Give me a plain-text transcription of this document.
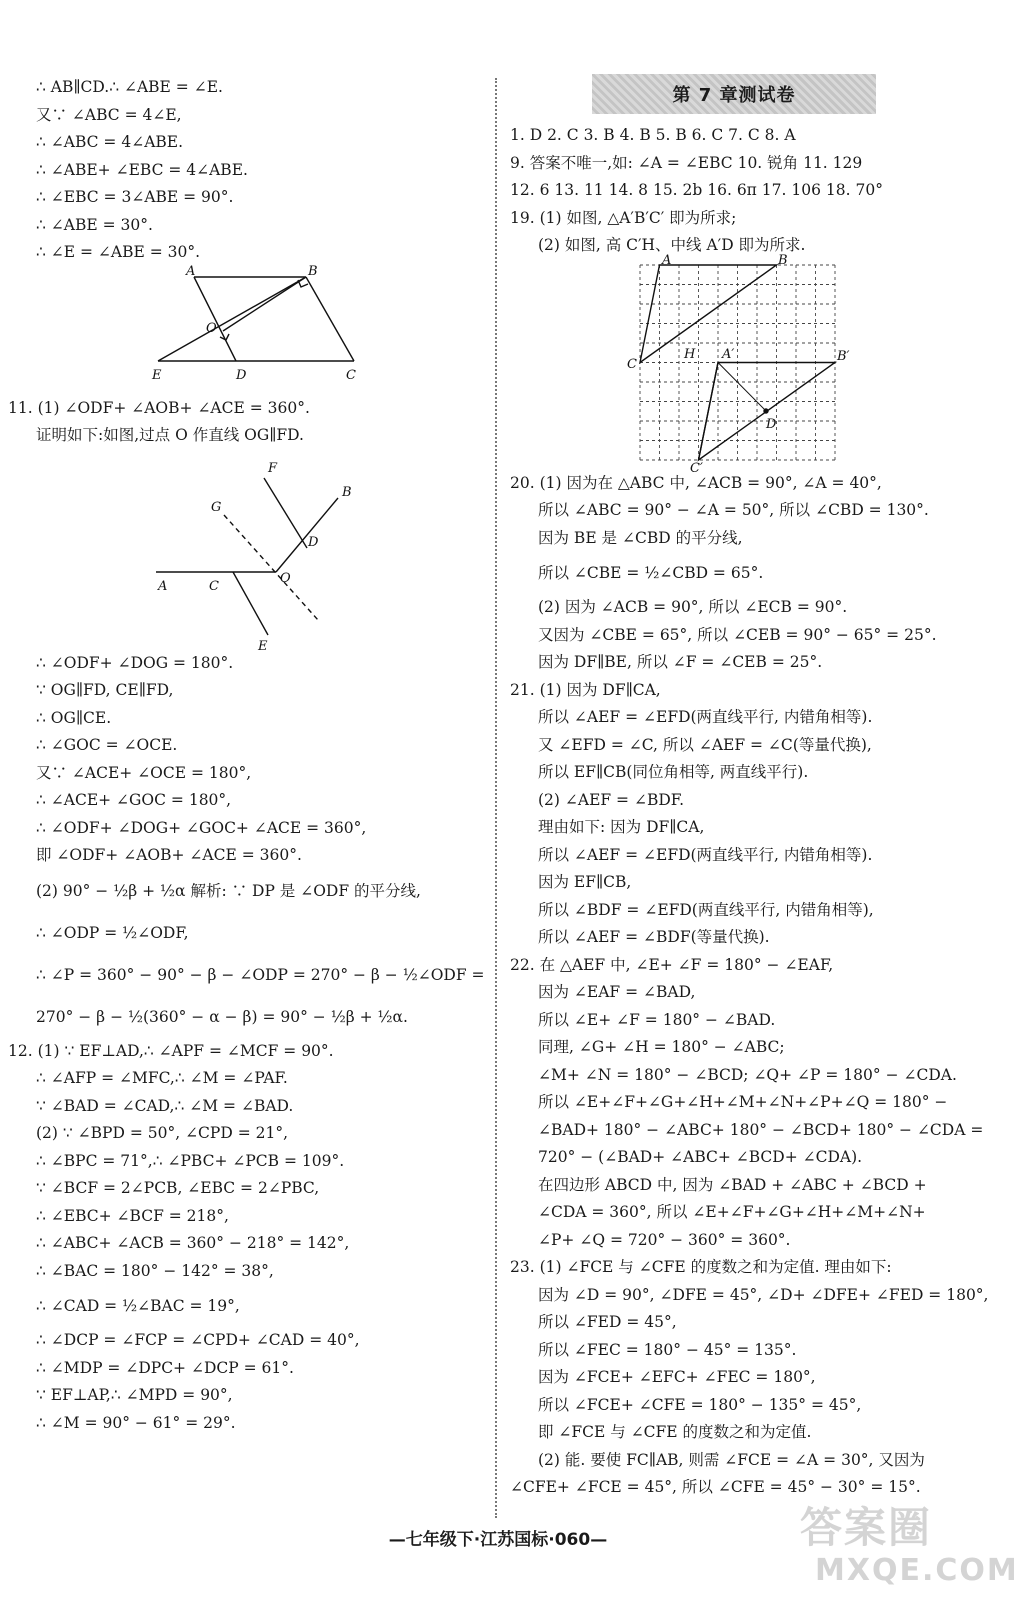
∴ AB∥CD.∴ ∠ABE = ∠E.
又∵ ∠ABC = 4∠E,
∴ ∠ABC = 4∠ABE.
∴ ∠ABE+ ∠EBC = 4∠ABE.
∴ ∠EBC = 3∠ABE = 90°.
∴ ∠ABE = 30°.
∴ ∠E = ∠ABE = 30°.
A	B
O
E	D	C
11. (1) ∠ODF+ ∠AOB+ ∠ACE = 360°.
证明如下:如图,过点 O 作直线 OG∥FD.
F
B
G
D
A	C
O
E
∴ ∠ODF+ ∠DOG = 180°.
∵ OG∥FD, CE∥FD,
∴ OG∥CE.
∴ ∠GOC = ∠OCE.
又∵ ∠ACE+ ∠OCE = 180°,
∴ ∠ACE+ ∠GOC = 180°,
∴ ∠ODF+ ∠DOG+ ∠GOC+ ∠ACE = 360°,
即 ∠ODF+ ∠AOB+ ∠ACE = 360°.
(2) 90° − ½β + ½α 解析: ∵ DP 是 ∠ODF 的平分线,
∴ ∠ODP = ½∠ODF,
∴ ∠P = 360° − 90° − β − ∠ODP = 270° − β − ½∠ODF =
270° − β − ½(360° − α − β) = 90° − ½β + ½α.
12. (1) ∵ EF⊥AD,∴ ∠APF = ∠MCF = 90°.
∴ ∠AFP = ∠MFC,∴ ∠M = ∠PAF.
∵ ∠BAD = ∠CAD,∴ ∠M = ∠BAD.
(2) ∵ ∠BPD = 50°, ∠CPD = 21°,
∴ ∠BPC = 71°,∴ ∠PBC+ ∠PCB = 109°.
∵ ∠BCF = 2∠PCB, ∠EBC = 2∠PBC,
∴ ∠EBC+ ∠BCF = 218°,
∴ ∠ABC+ ∠ACB = 360° − 218° = 142°,
∴ ∠BAC = 180° − 142° = 38°,
∴ ∠CAD = ½∠BAC = 19°,
∴ ∠DCP = ∠FCP = ∠CPD+ ∠CAD = 40°,
∴ ∠MDP = ∠DPC+ ∠DCP = 61°.
∵ EF⊥AP,∴ ∠MPD = 90°,
∴ ∠M = 90° − 61° = 29°.
第 7 章测试卷
1. D 2. C 3. B 4. B 5. B 6. C 7. C 8. A
9. 答案不唯一,如: ∠A = ∠EBC 10. 锐角 11. 129
12. 6 13. 11 14. 8 15. 2b 16. 6π 17. 106 18. 70°
19. (1) 如图, △A′B′C′ 即为所求;
(2) 如图, 高 C′H、中线 A′D 即为所求.
A	B
C
H A′	B′
D
C′
20. (1) 因为在 △ABC 中, ∠ACB = 90°, ∠A = 40°,
所以 ∠ABC = 90° − ∠A = 50°, 所以 ∠CBD = 130°.
因为 BE 是 ∠CBD 的平分线,
所以 ∠CBE = ½∠CBD = 65°.
(2) 因为 ∠ACB = 90°, 所以 ∠ECB = 90°.
又因为 ∠CBE = 65°, 所以 ∠CEB = 90° − 65° = 25°.
因为 DF∥BE, 所以 ∠F = ∠CEB = 25°.
21. (1) 因为 DF∥CA,
所以 ∠AEF = ∠EFD(两直线平行, 内错角相等).
又 ∠EFD = ∠C, 所以 ∠AEF = ∠C(等量代换),
所以 EF∥CB(同位角相等, 两直线平行).
(2) ∠AEF = ∠BDF.
理由如下: 因为 DF∥CA,
所以 ∠AEF = ∠EFD(两直线平行, 内错角相等).
因为 EF∥CB,
所以 ∠BDF = ∠EFD(两直线平行, 内错角相等),
所以 ∠AEF = ∠BDF(等量代换).
22. 在 △AEF 中, ∠E+ ∠F = 180° − ∠EAF,
因为 ∠EAF = ∠BAD,
所以 ∠E+ ∠F = 180° − ∠BAD.
同理, ∠G+ ∠H = 180° − ∠ABC;
∠M+ ∠N = 180° − ∠BCD; ∠Q+ ∠P = 180° − ∠CDA.
所以 ∠E+∠F+∠G+∠H+∠M+∠N+∠P+∠Q = 180° −
∠BAD+ 180° − ∠ABC+ 180° − ∠BCD+ 180° − ∠CDA =
720° − (∠BAD+ ∠ABC+ ∠BCD+ ∠CDA).
在四边形 ABCD 中, 因为 ∠BAD + ∠ABC + ∠BCD +
∠CDA = 360°, 所以 ∠E+∠F+∠G+∠H+∠M+∠N+
∠P+ ∠Q = 720° − 360° = 360°.
23. (1) ∠FCE 与 ∠CFE 的度数之和为定值. 理由如下:
因为 ∠D = 90°, ∠DFE = 45°, ∠D+ ∠DFE+ ∠FED = 180°,
所以 ∠FED = 45°,
所以 ∠FEC = 180° − 45° = 135°.
因为 ∠FCE+ ∠EFC+ ∠FEC = 180°,
所以 ∠FCE+ ∠CFE = 180° − 135° = 45°,
即 ∠FCE 与 ∠CFE 的度数之和为定值.
(2) 能. 要使 FC∥AB, 则需 ∠FCE = ∠A = 30°, 又因为
∠CFE+ ∠FCE = 45°, 所以 ∠CFE = 45° − 30° = 15°.
—七年级下·江苏国标·060—	答案圈
MXQE.COM
